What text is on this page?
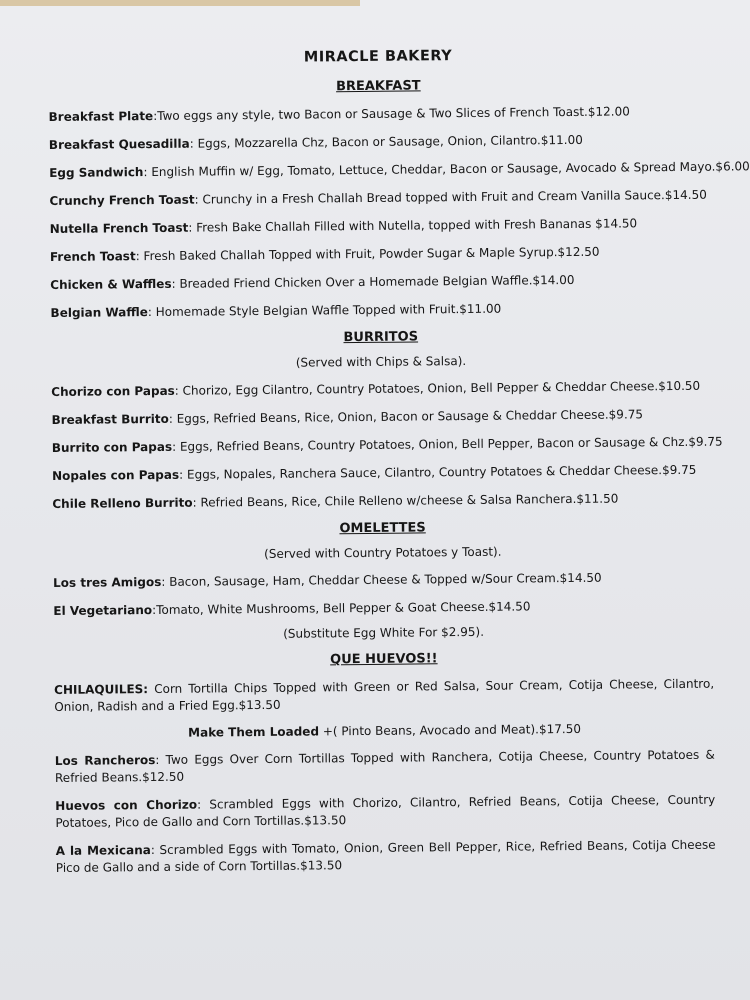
MIRACLE BAKERY
BREAKFAST
Breakfast Plate:Two eggs any style, two Bacon or Sausage & Two Slices of French Toast.$12.00
Breakfast Quesadilla: Eggs, Mozzarella Chz, Bacon or Sausage, Onion, Cilantro.$11.00
Egg Sandwich: English Muffin w/ Egg, Tomato, Lettuce, Cheddar, Bacon or Sausage, Avocado & Spread Mayo.$6.00
Crunchy French Toast: Crunchy in a Fresh Challah Bread topped with Fruit and Cream Vanilla Sauce.$14.50
Nutella French Toast: Fresh Bake Challah Filled with Nutella, topped with Fresh Bananas $14.50
French Toast: Fresh Baked Challah Topped with Fruit, Powder Sugar & Maple Syrup.$12.50
Chicken & Waffles: Breaded Friend Chicken Over a Homemade Belgian Waffle.$14.00
Belgian Waffle: Homemade Style Belgian Waffle Topped with Fruit.$11.00
BURRITOS
(Served with Chips & Salsa).
Chorizo con Papas: Chorizo, Egg Cilantro, Country Potatoes, Onion, Bell Pepper & Cheddar Cheese.$10.50
Breakfast Burrito: Eggs, Refried Beans, Rice, Onion, Bacon or Sausage & Cheddar Cheese.$9.75
Burrito con Papas: Eggs, Refried Beans, Country Potatoes, Onion, Bell Pepper, Bacon or Sausage & Chz.$9.75
Nopales con Papas: Eggs, Nopales, Ranchera Sauce, Cilantro, Country Potatoes & Cheddar Cheese.$9.75
Chile Relleno Burrito: Refried Beans, Rice, Chile Relleno w/cheese & Salsa Ranchera.$11.50
OMELETTES
(Served with Country Potatoes y Toast).
Los tres Amigos: Bacon, Sausage, Ham, Cheddar Cheese & Topped w/Sour Cream.$14.50
El Vegetariano:Tomato, White Mushrooms, Bell Pepper & Goat Cheese.$14.50
(Substitute Egg White For $2.95).
QUE HUEVOS!!
CHILAQUILES: Corn Tortilla Chips Topped with Green or Red Salsa, Sour Cream, Cotija Cheese, Cilantro, Onion, Radish and a Fried Egg.$13.50
Make Them Loaded +( Pinto Beans, Avocado and Meat).$17.50
Los Rancheros: Two Eggs Over Corn Tortillas Topped with Ranchera, Cotija Cheese, Country Potatoes & Refried Beans.$12.50
Huevos con Chorizo: Scrambled Eggs with Chorizo, Cilantro, Refried Beans, Cotija Cheese, Country Potatoes, Pico de Gallo and Corn Tortillas.$13.50
A la Mexicana: Scrambled Eggs with Tomato, Onion, Green Bell Pepper, Rice, Refried Beans, Cotija Cheese Pico de Gallo and a side of Corn Tortillas.$13.50
